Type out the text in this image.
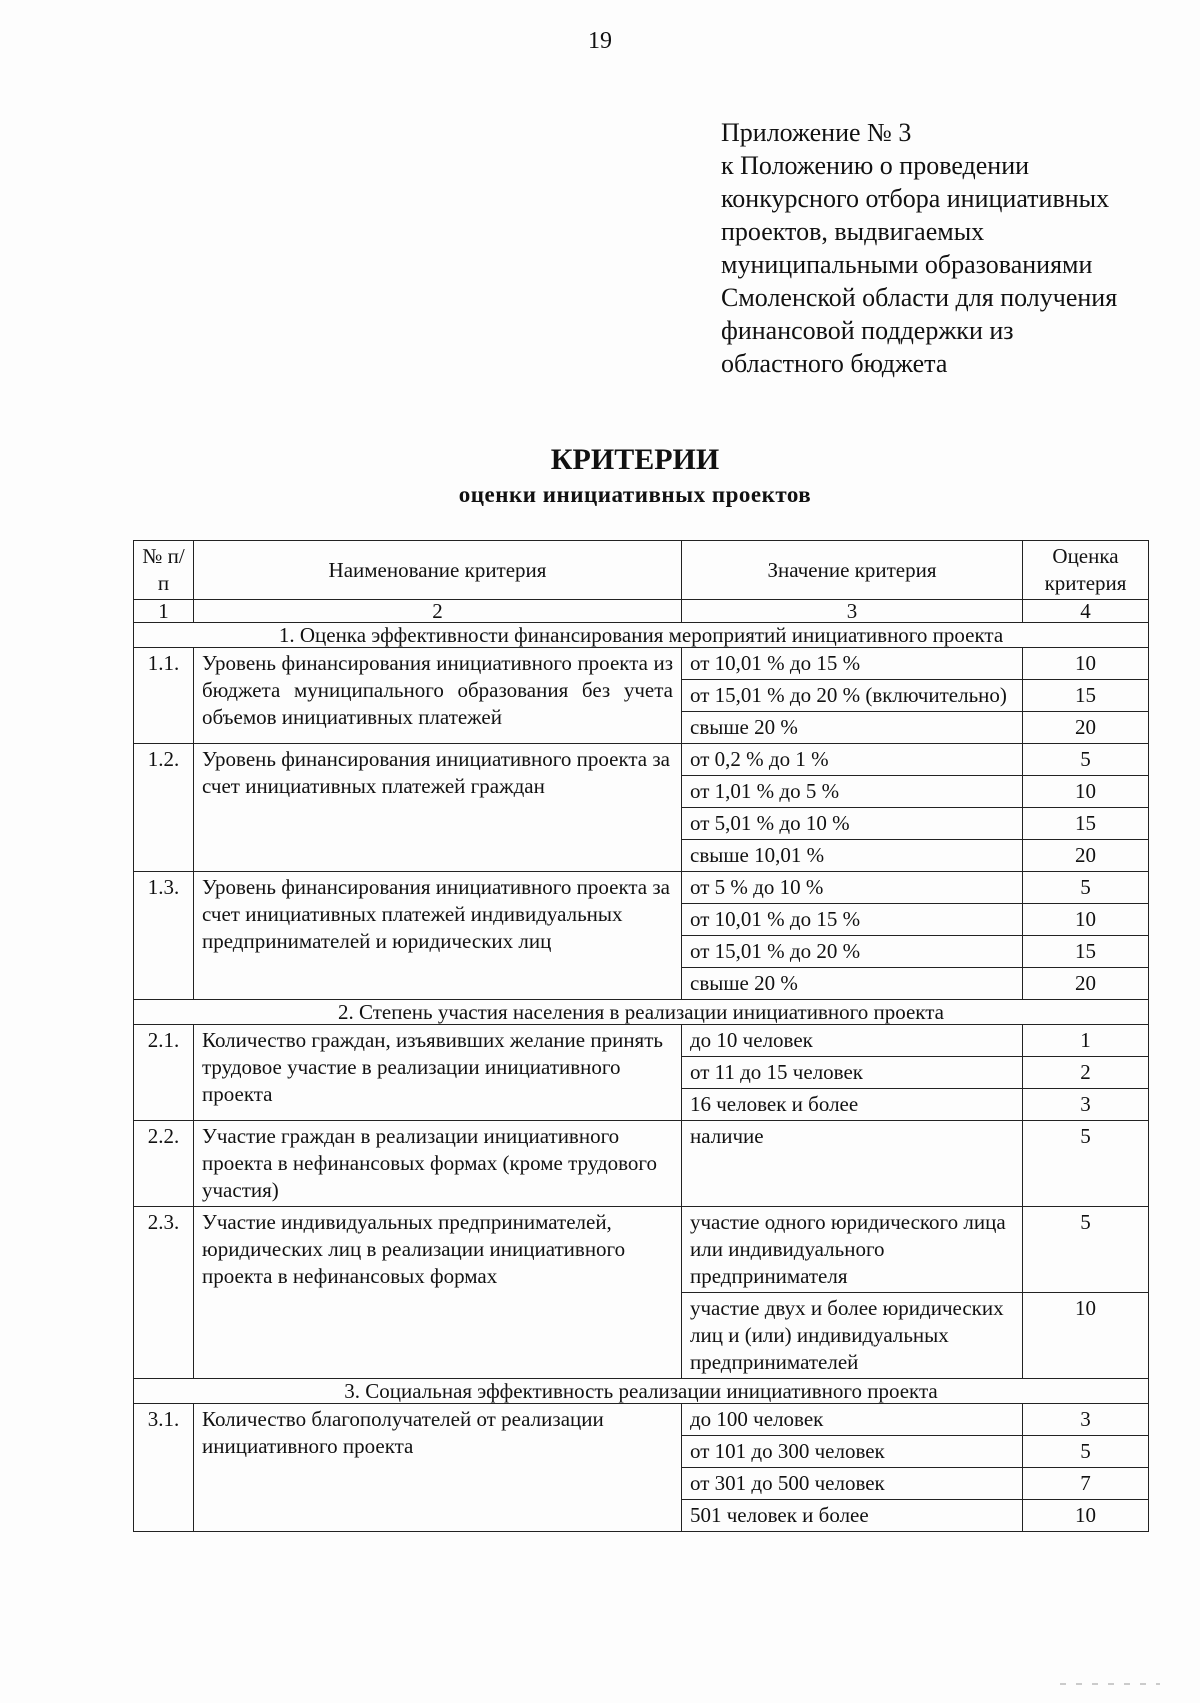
19
Приложение № 3
к Положению о проведении
конкурсного отбора инициативных
проектов, выдвигаемых
муниципальными образованиями
Смоленской области для получения
финансовой поддержки из
областного бюджета
КРИТЕРИИ
оценки инициативных проектов
№ п/п	Наименование критерия	Значение критерия	Оценка критерия
1	2	3	4
1. Оценка эффективности финансирования мероприятий инициативного проекта			
1.1.	Уровень финансирования инициативного проекта из бюджета муниципального образования без учета объемов инициативных платежей	от 10,01 % до 15 %	10
		от 15,01 % до 20 % (включительно)	15
		свыше 20 %	20
1.2.	Уровень финансирования инициативного проекта за счет инициативных платежей граждан	от 0,2 % до 1 %	5
		от 1,01 % до 5 %	10
		от 5,01 % до 10 %	15
		свыше 10,01 %	20
1.3.	Уровень финансирования инициативного проекта за счет инициативных платежей индивидуальных предпринимателей и юридических лиц	от 5 % до 10 %	5
		от 10,01 % до 15 %	10
		от 15,01 % до 20 %	15
		свыше 20 %	20
2. Степень участия населения в реализации инициативного проекта			
2.1.	Количество граждан, изъявивших желание принять трудовое участие в реализации инициативного проекта	до 10 человек	1
		от 11 до 15 человек	2
		16 человек и более	3
2.2.	Участие граждан в реализации инициативного проекта в нефинансовых формах (кроме трудового участия)	наличие	5
2.3.	Участие индивидуальных предпринимателей, юридических лиц в реализации инициативного проекта в нефинансовых формах	участие одного юридического лица или индивидуального предпринимателя	5
		участие двух и более юридических лиц и (или) индивидуальных предпринимателей	10
3. Социальная эффективность реализации инициативного проекта			
3.1.	Количество благополучателей от реализации инициативного проекта	до 100 человек	3
		от 101 до 300 человек	5
		от 301 до 500 человек	7
		501 человек и более	10
